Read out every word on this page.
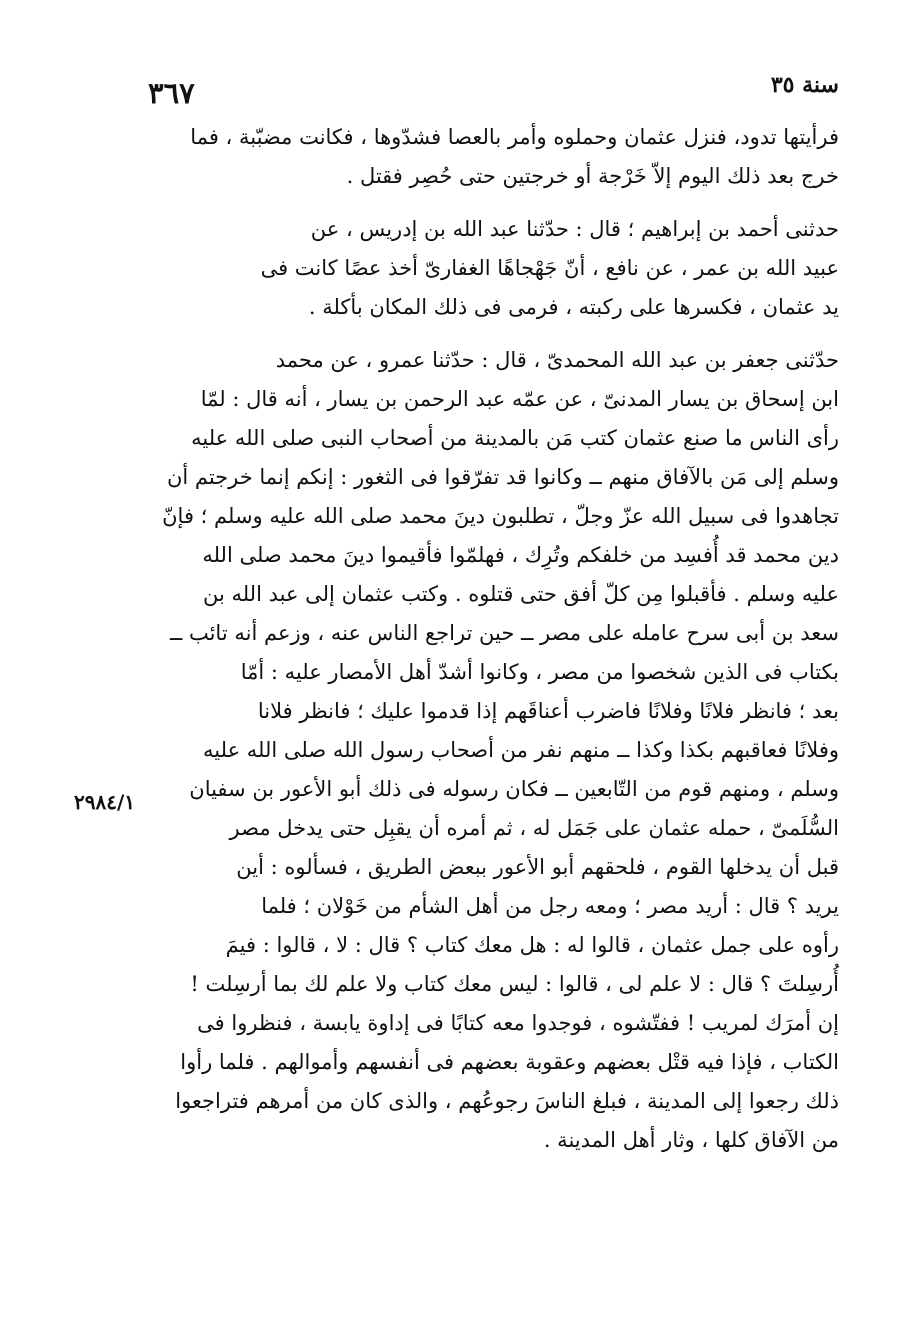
٣٦٧	سنة ٣٥

فرأيتها تدود، فنزل عثمان وحملوه وأمر بالعصا فشدّوها ، فكانت مضبّبة ، فما
خرج بعد ذلك اليوم إلاّ خَرْجة أو خرجتين حتى حُصِر فقتل .

حدثنى أحمد بن إبراهيم ؛ قال : حدّثنا عبد الله بن إدريس ، عن
عبيد الله بن عمر ، عن نافع ، أنّ جَهْجاهًا الغفارىّ أخذ عصًا كانت فى
يد عثمان ، فكسرها على ركبته ، فرمى فى ذلك المكان بأكلة .

حدّثنى جعفر بن عبد الله المحمدىّ ، قال : حدّثنا عمرو ، عن محمد
ابن إسحاق بن يسار المدنىّ ، عن عمّه عبد الرحمن بن يسار ، أنه قال : لمّا
رأى الناس ما صنع عثمان كتب مَن بالمدينة من أصحاب النبى صلى الله عليه
وسلم إلى مَن بالآفاق منهم ــ وكانوا قد تفرّقوا فى الثغور : إنكم إنما خرجتم أن
تجاهدوا فى سبيل الله عزّ وجلّ ، تطلبون دينَ محمد صلى الله عليه وسلم ؛ فإنّ
دين محمد قد أُفسِد من خلفكم وتُرِك ، فهلمّوا فأقيموا دينَ محمد صلى الله
عليه وسلم . فأقبلوا مِن كلّ أفق حتى قتلوه . وكتب عثمان إلى عبد الله بن
سعد بن أبى سرح عامله على مصر ــ حين تراجع الناس عنه ، وزعم أنه تائب ــ
بكتاب فى الذين شخصوا من مصر ، وكانوا أشدّ أهل الأمصار عليه : أمّا
بعد ؛ فانظر فلانًا وفلانًا فاضرب أعناقَهم إذا قدموا عليك ؛ فانظر فلانا
وفلانًا فعاقبهم بكذا وكذا ــ منهم نفر من أصحاب رسول الله صلى الله عليه
وسلم ، ومنهم قوم من التّابعين ــ فكان رسوله فى ذلك أبو الأعور بن سفيان
السُّلَمىّ ، حمله عثمان على جَمَل له ، ثم أمره أن يقبِل حتى يدخل مصر
قبل أن يدخلها القوم ، فلحقهم أبو الأعور ببعض الطريق ، فسألوه : أين
يريد ؟ قال : أريد مصر ؛ ومعه رجل من أهل الشأم من خَوْلان ؛ فلما
رأوه على جمل عثمان ، قالوا له : هل معك كتاب ؟ قال : لا ، قالوا : فيمَ
أُرسِلتَ ؟ قال : لا علم لى ، قالوا : ليس معك كتاب ولا علم لك بما أرسِلت !
إن أمرَك لمريب ! ففتّشوه ، فوجدوا معه كتابًا فى إداوة يابسة ، فنظروا فى
الكتاب ، فإذا فيه قتْل بعضهم وعقوبة بعضهم فى أنفسهم وأموالهم . فلما رأوا
ذلك رجعوا إلى المدينة ، فبلغ الناسَ رجوعُهم ، والذى كان من أمرهم فتراجعوا
من الآفاق كلها ، وثار أهل المدينة .

٢٩٨٤/١
